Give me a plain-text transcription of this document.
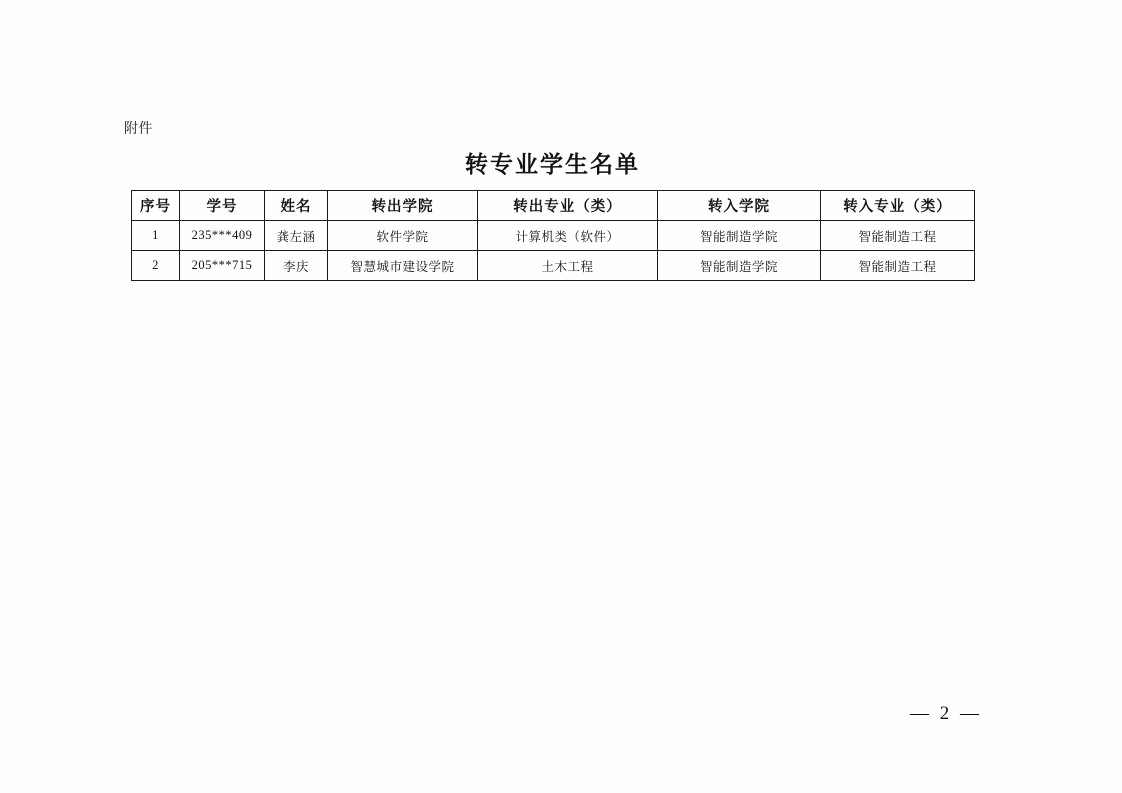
附件
转专业学生名单
序号	学号	姓名	转出学院	转出专业（类）	转入学院	转入专业（类）
1	235***409	龚左涵	软件学院	计算机类（软件）	智能制造学院	智能制造工程
2	205***715	李庆	智慧城市建设学院	土木工程	智能制造学院	智能制造工程
— 2 —
